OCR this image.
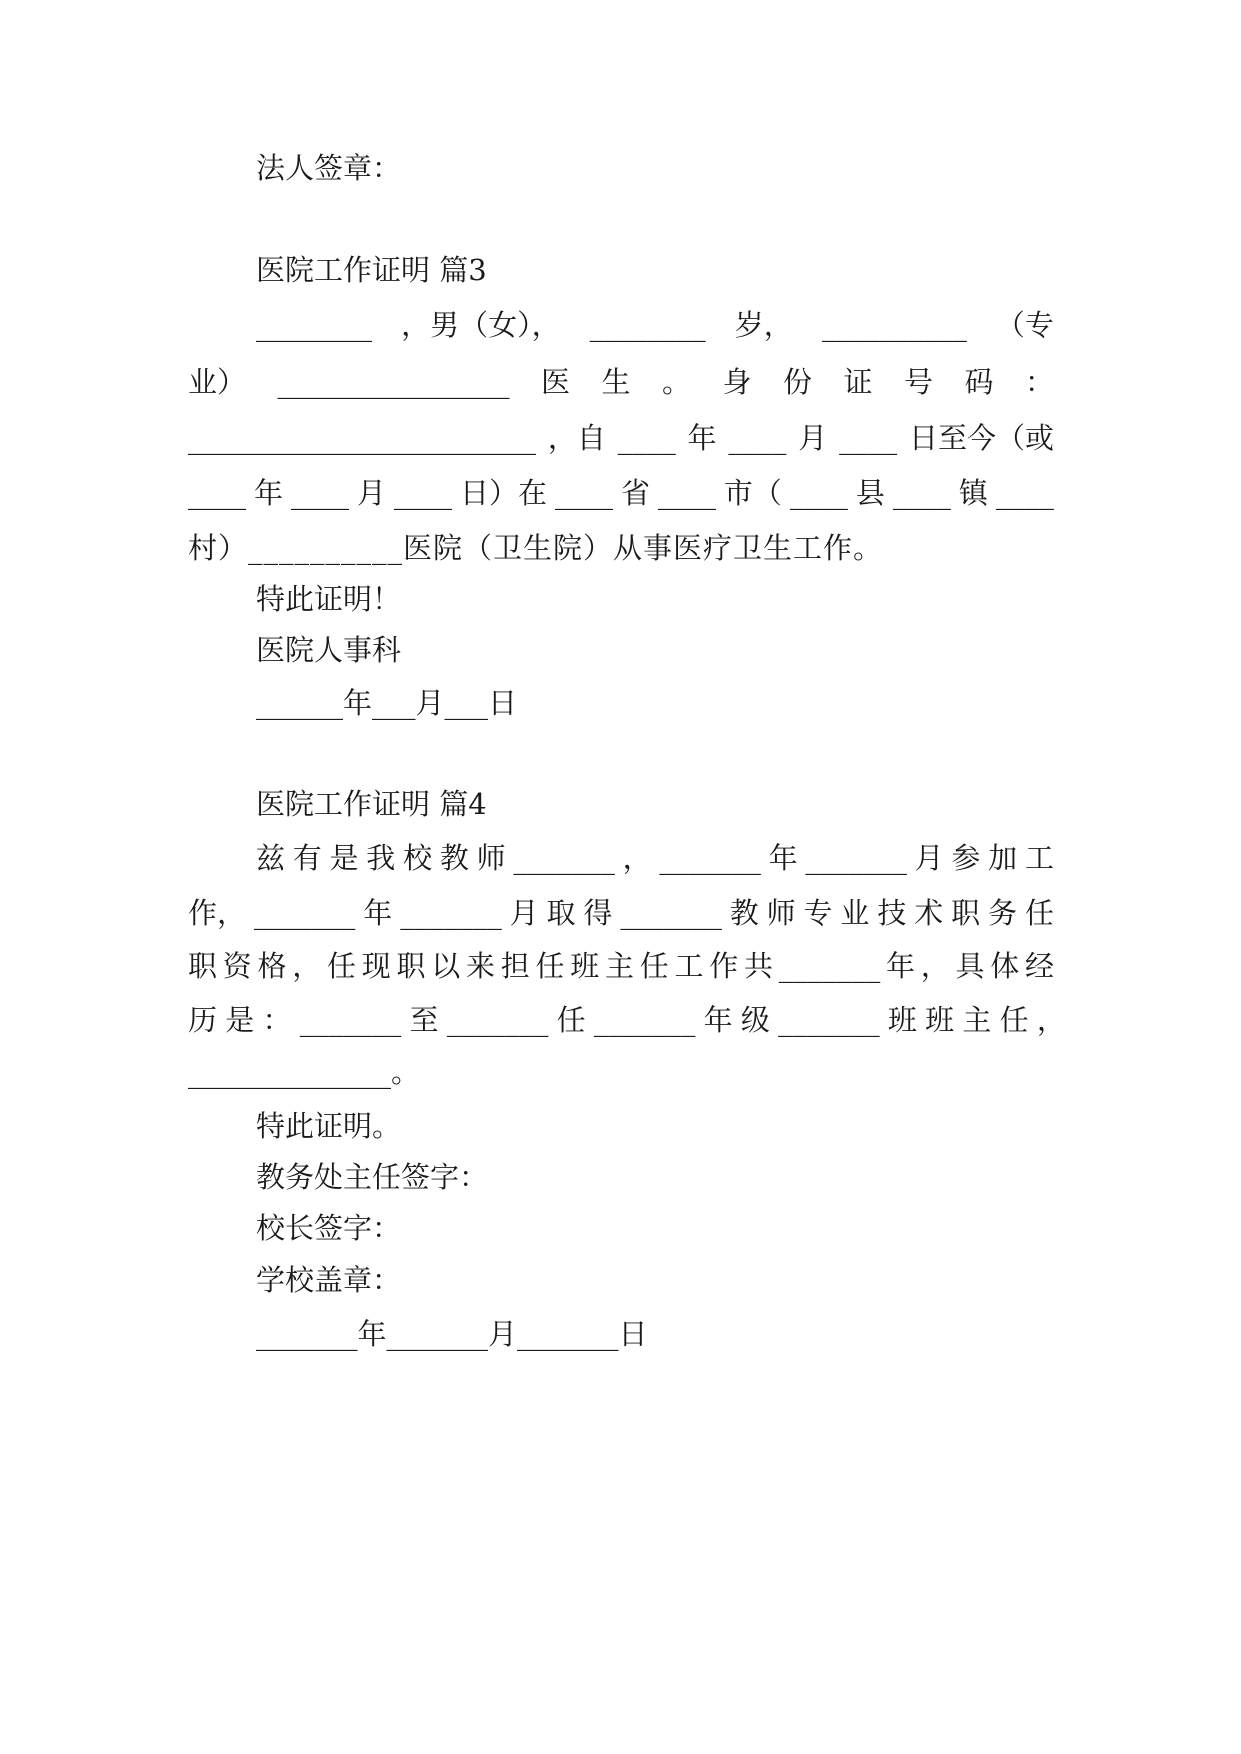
法人签章：
医院工作证明 篇3
________ ，男（女）， ________ 岁， __________ （专
业） ________________ 医 生 。 身 份 证 号 码 ：
________________________ ，自 ____ 年 ____ 月 ____ 日至今（或
____ 年 ____ 月 ____ 日）在 ____ 省 ____ 市（ ____ 县 ____ 镇 ____
村）__________医院（卫生院）从事医疗卫生工作。
特此证明！
医院人事科
______年___月___日
医院工作证明 篇4
兹 有 是 我 校 教 师 _______ ， _______ 年 _______ 月 参 加 工
作， _______ 年 _______ 月 取 得 _______ 教 师 专 业 技 术 职 务 任
职 资 格 ， 任 现 职 以 来 担 任 班 主 任 工 作 共 _______ 年 ， 具 体 经
历 是 ： _______ 至 _______ 任 _______ 年 级 _______ 班 班 主 任 ，
______________。
特此证明。
教务处主任签字：
校长签字：
学校盖章：
_______年_______月_______日
